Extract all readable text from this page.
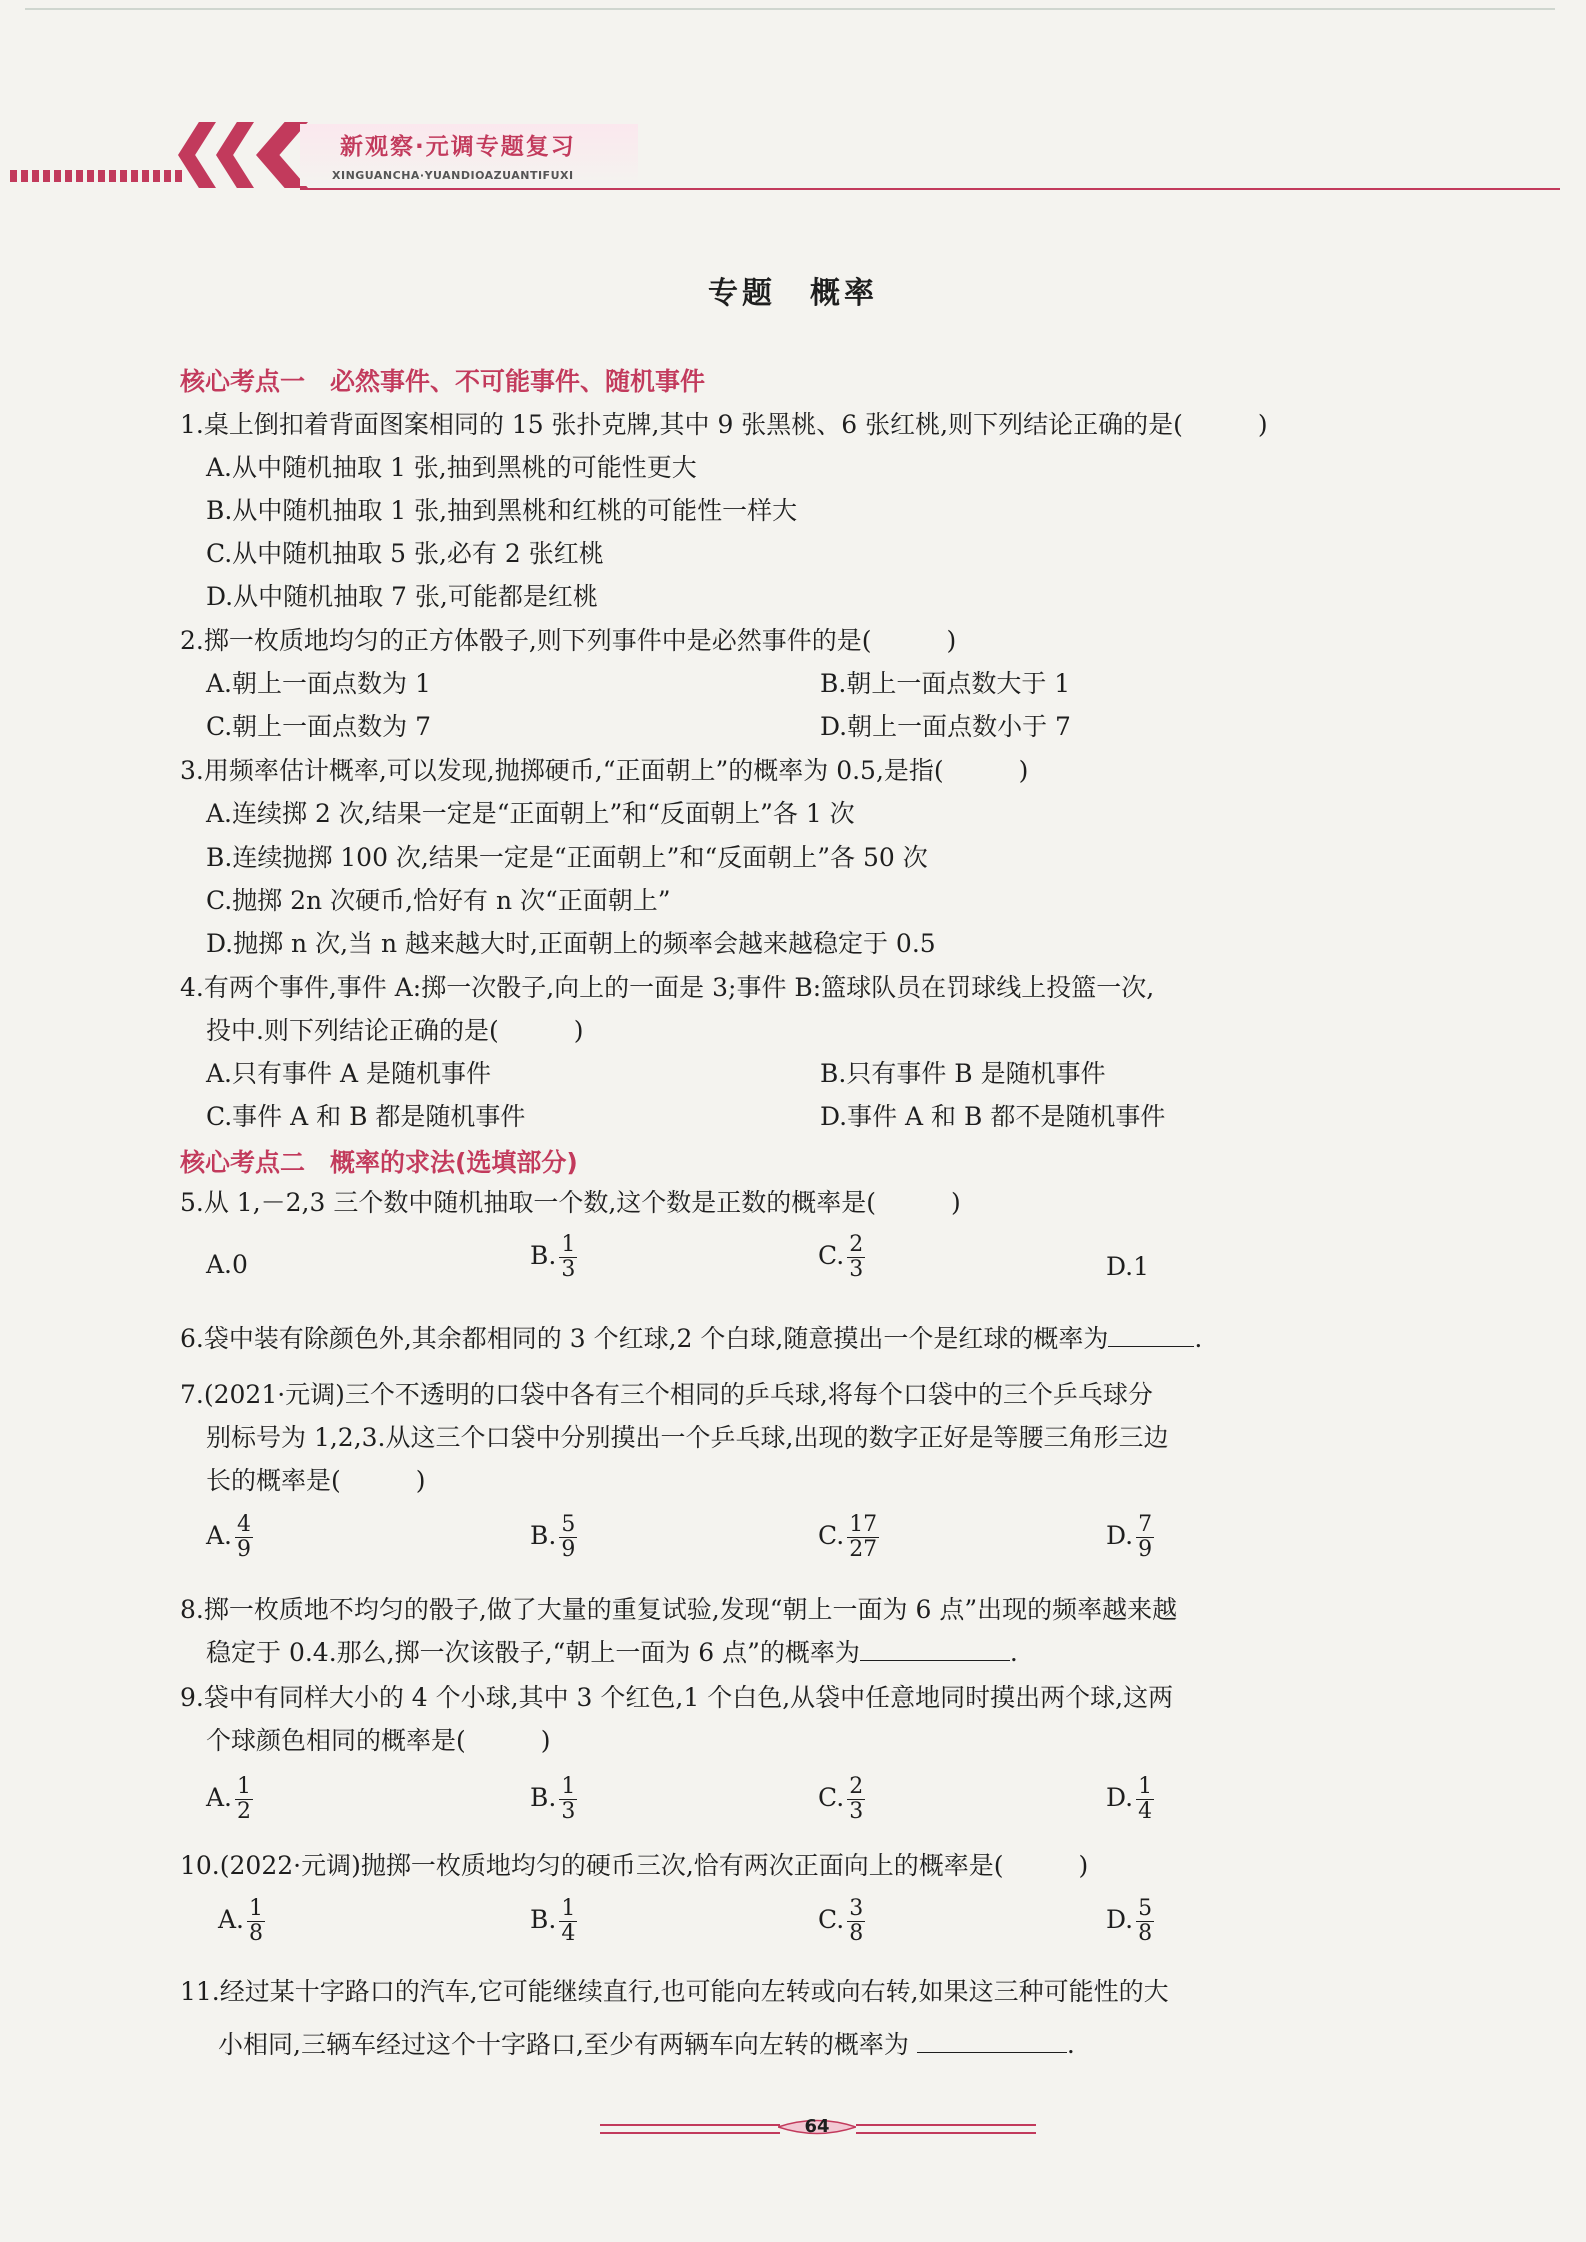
新观察·元调专题复习
XINGUANCHA·YUANDIOAZUANTIFUXI
专题　概率
核心考点一　必然事件、不可能事件、随机事件
1.桌上倒扣着背面图案相同的 15 张扑克牌,其中 9 张黑桃、6 张红桃,则下列结论正确的是(　　　)
A.从中随机抽取 1 张,抽到黑桃的可能性更大
B.从中随机抽取 1 张,抽到黑桃和红桃的可能性一样大
C.从中随机抽取 5 张,必有 2 张红桃
D.从中随机抽取 7 张,可能都是红桃
2.掷一枚质地均匀的正方体骰子,则下列事件中是必然事件的是(　　　)
A.朝上一面点数为 1	B.朝上一面点数大于 1
C.朝上一面点数为 7	D.朝上一面点数小于 7
3.用频率估计概率,可以发现,抛掷硬币,“正面朝上”的概率为 0.5,是指(　　　)
A.连续掷 2 次,结果一定是“正面朝上”和“反面朝上”各 1 次
B.连续抛掷 100 次,结果一定是“正面朝上”和“反面朝上”各 50 次
C.抛掷 2n 次硬币,恰好有 n 次“正面朝上”
D.抛掷 n 次,当 n 越来越大时,正面朝上的频率会越来越稳定于 0.5
4.有两个事件,事件 A:掷一次骰子,向上的一面是 3;事件 B:篮球队员在罚球线上投篮一次,
投中.则下列结论正确的是(　　　)
A.只有事件 A 是随机事件	B.只有事件 B 是随机事件
C.事件 A 和 B 都是随机事件	D.事件 A 和 B 都不是随机事件
核心考点二　概率的求法(选填部分)
5.从 1,－2,3 三个数中随机抽取一个数,这个数是正数的概率是(　　　)
A.0	B. $\frac{1}{3}$	C. $\frac{2}{3}$	D.1
6.袋中装有除颜色外,其余都相同的 3 个红球,2 个白球,随意摸出一个是红球的概率为	.
7.(2021·元调)三个不透明的口袋中各有三个相同的乒乓球,将每个口袋中的三个乒乓球分
别标号为 1,2,3.从这三个口袋中分别摸出一个乒乓球,出现的数字正好是等腰三角形三边
长的概率是(　　　)
A. $\frac{4}{9}$	B. $\frac{5}{9}$	C. $\frac{17}{27}$	D. $\frac{7}{9}$
8.掷一枚质地不均匀的骰子,做了大量的重复试验,发现“朝上一面为 6 点”出现的频率越来越
稳定于 0.4.那么,掷一次该骰子,“朝上一面为 6 点”的概率为	.
9.袋中有同样大小的 4 个小球,其中 3 个红色,1 个白色,从袋中任意地同时摸出两个球,这两
个球颜色相同的概率是(　　　)
A. $\frac{1}{2}$	B. $\frac{1}{3}$	C. $\frac{2}{3}$	D. $\frac{1}{4}$
10.(2022·元调)抛掷一枚质地均匀的硬币三次,恰有两次正面向上的概率是(　　　)
A. $\frac{1}{8}$	B. $\frac{1}{4}$	C. $\frac{3}{8}$	D. $\frac{5}{8}$
11.经过某十字路口的汽车,它可能继续直行,也可能向左转或向右转,如果这三种可能性的大
小相同,三辆车经过这个十字路口,至少有两辆车向左转的概率为	.
64
